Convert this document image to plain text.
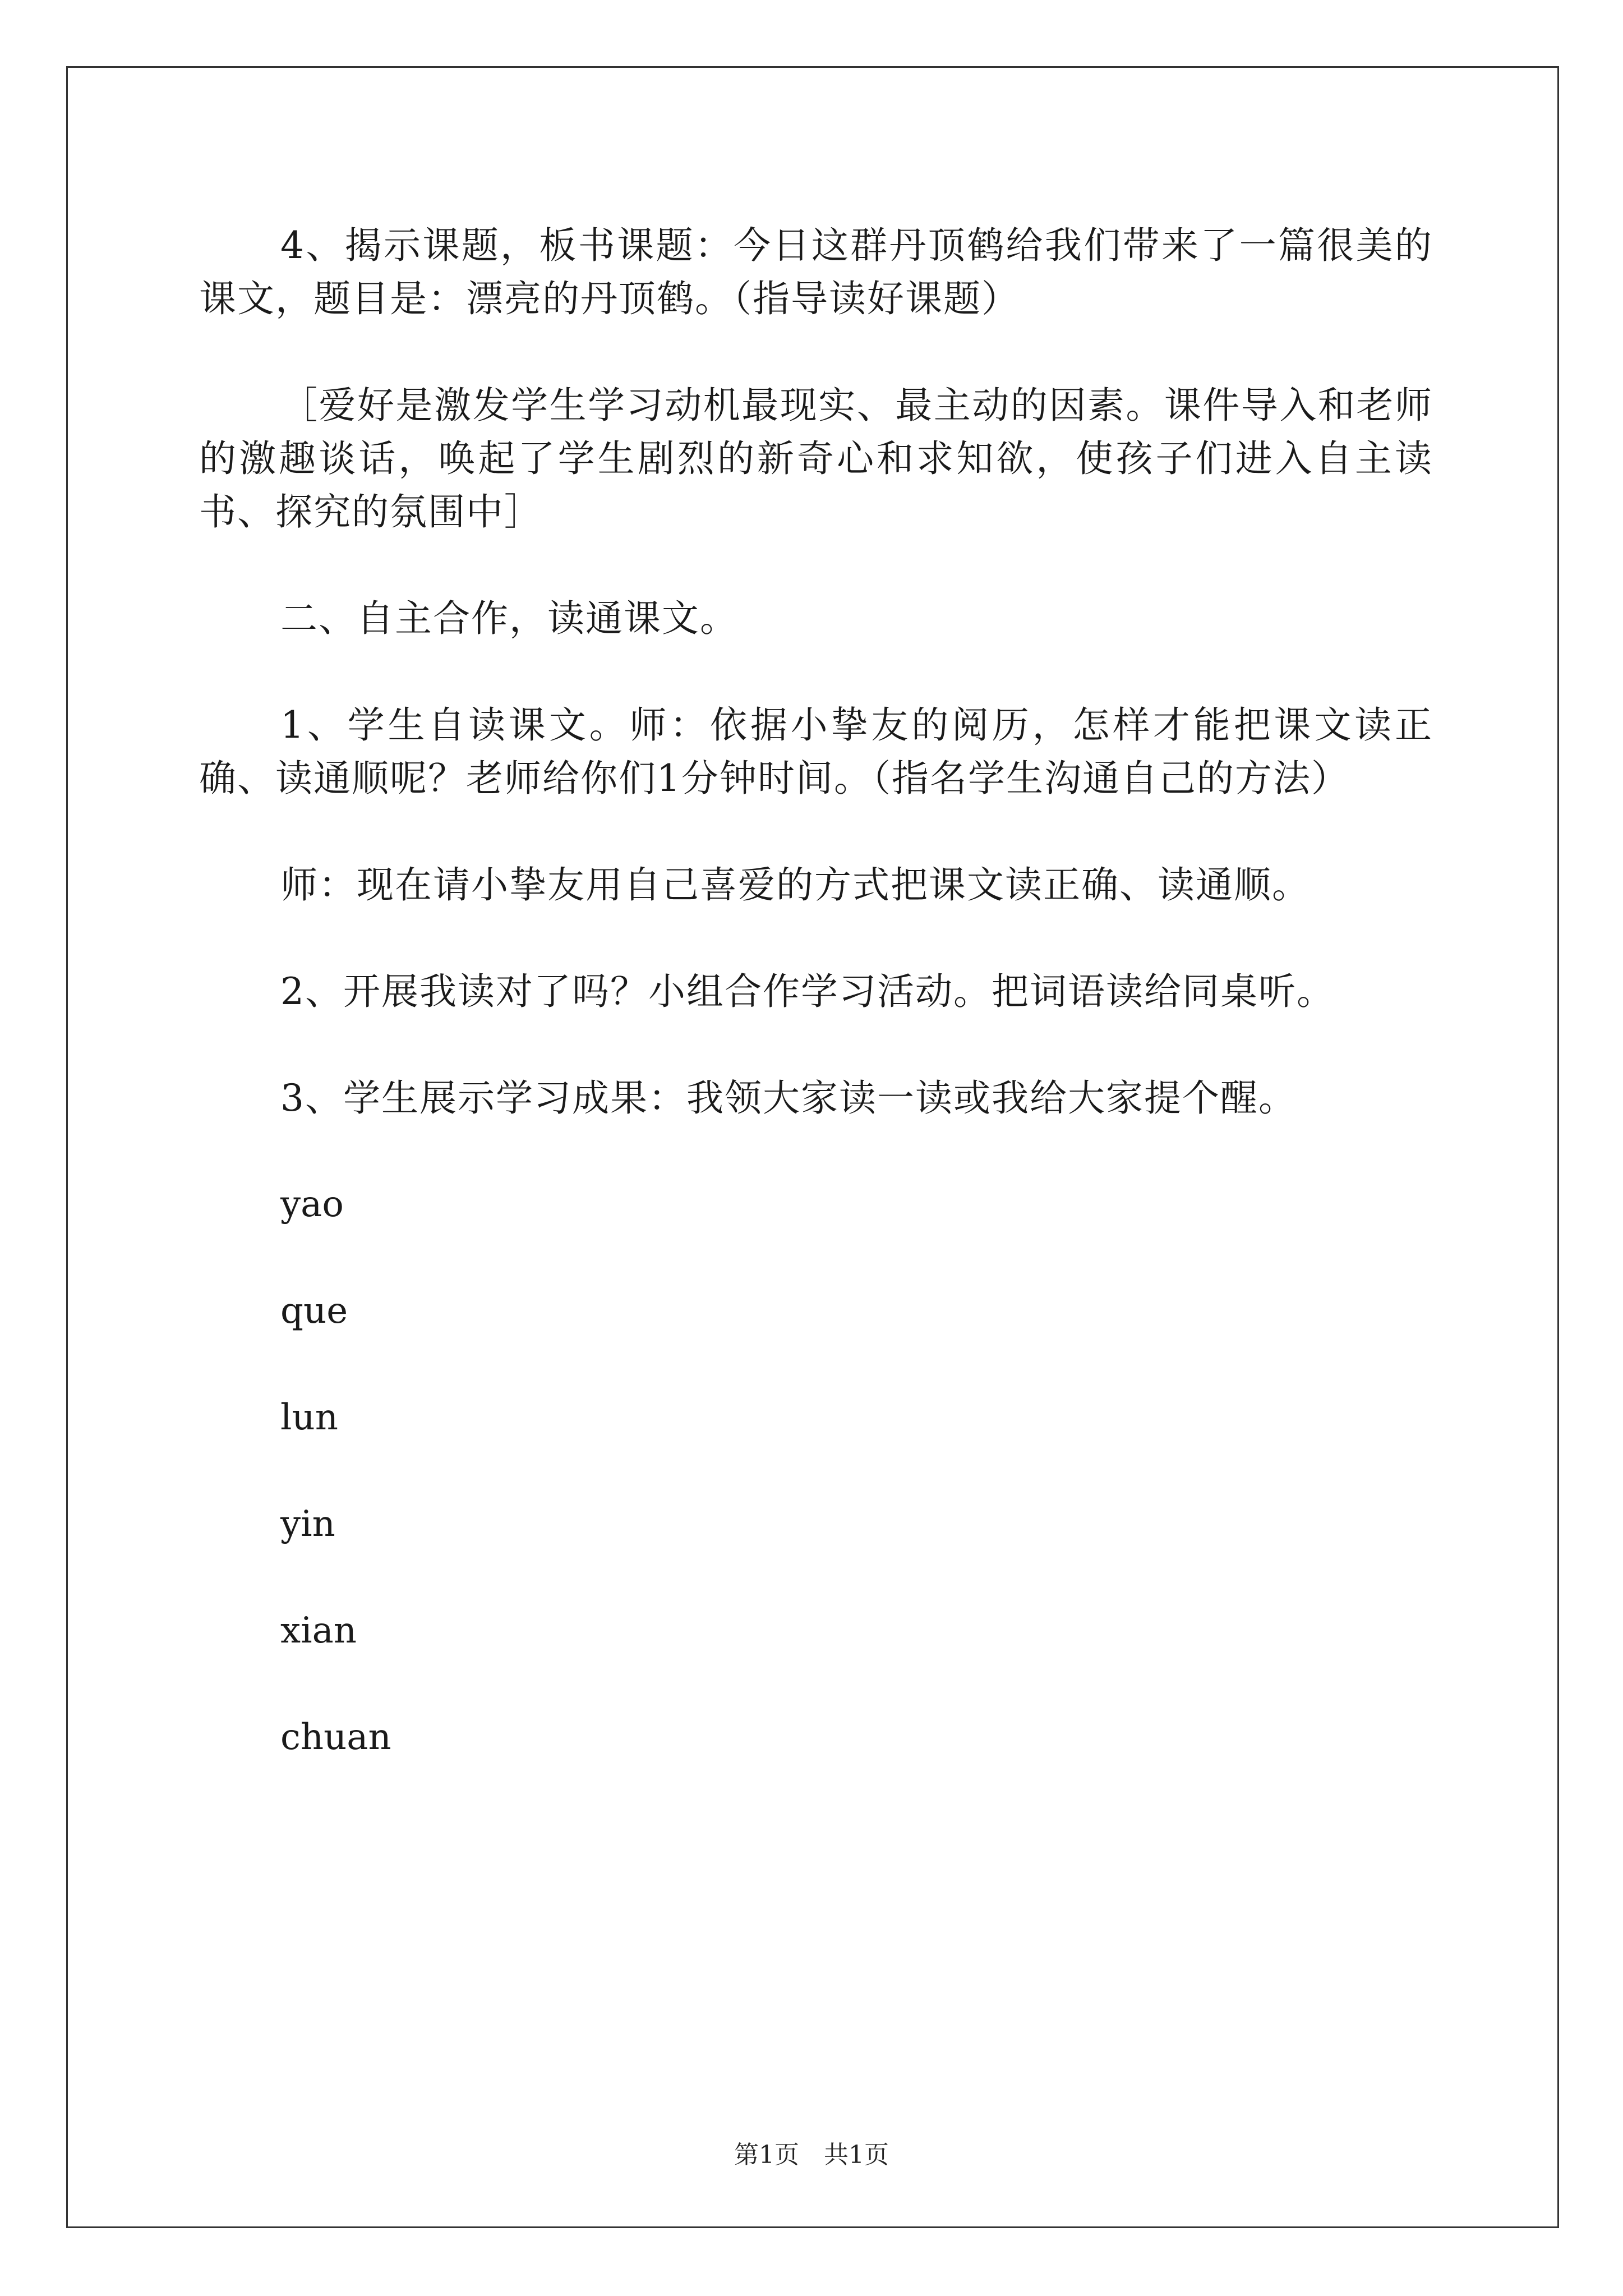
4、揭示课题，板书课题：今日这群丹顶鹤给我们带来了一篇很美的课文，题目是：漂亮的丹顶鹤。（指导读好课题）

［爱好是激发学生学习动机最现实、最主动的因素。课件导入和老师的激趣谈话，唤起了学生剧烈的新奇心和求知欲，使孩子们进入自主读书、探究的氛围中］

二、自主合作，读通课文。

1、学生自读课文。师：依据小挚友的阅历，怎样才能把课文读正确、读通顺呢？老师给你们1分钟时间。（指名学生沟通自己的方法）

师：现在请小挚友用自己喜爱的方式把课文读正确、读通顺。

2、开展我读对了吗？小组合作学习活动。把词语读给同桌听。

3、学生展示学习成果：我领大家读一读或我给大家提个醒。

yao

que

lun

yin

xian

chuan

第1页　共1页
